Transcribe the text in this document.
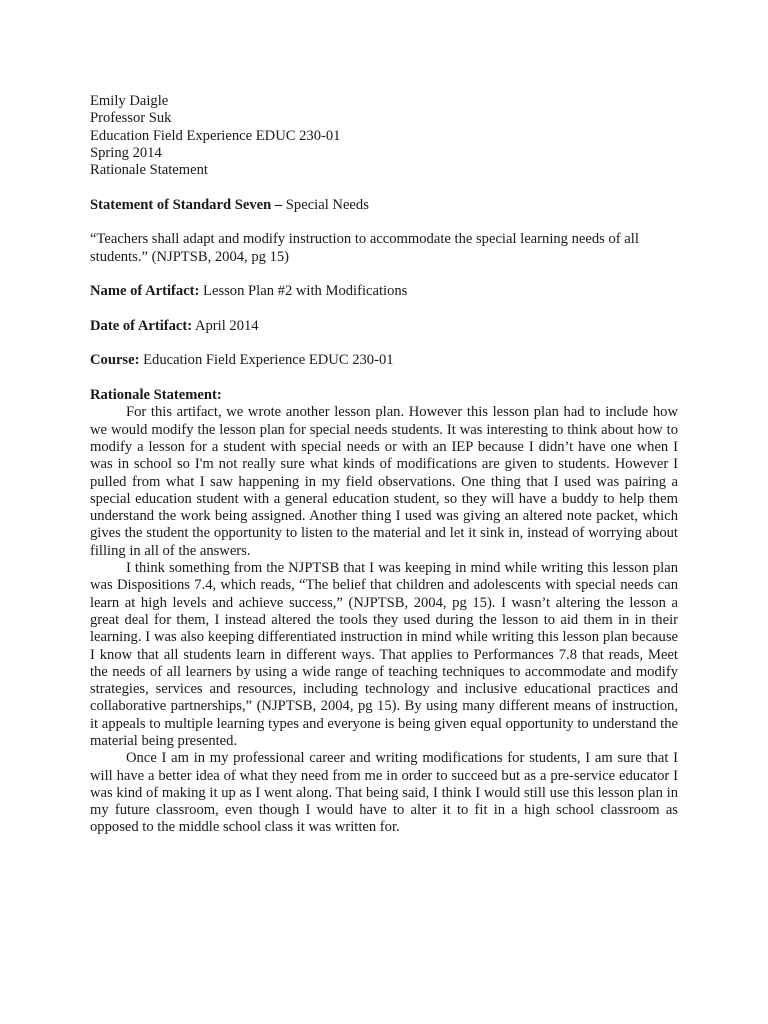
Emily Daigle

Professor Suk

Education Field Experience EDUC 230-01

Spring 2014

Rationale Statement

Statement of Standard Seven – Special Needs

“Teachers shall adapt and modify instruction to accommodate the special learning needs of all students.” (NJPTSB, 2004, pg 15)

Name of Artifact: Lesson Plan #2 with Modifications

Date of Artifact: April 2014

Course: Education Field Experience EDUC 230-01

Rationale Statement:

For this artifact, we wrote another lesson plan. However this lesson plan had to include how we would modify the lesson plan for special needs students. It was interesting to think about how to modify a lesson for a student with special needs or with an IEP because I didn’t have one when I was in school so I'm not really sure what kinds of modifications are given to students. However I pulled from what I saw happening in my field observations. One thing that I used was pairing a special education student with a general education student, so they will have a buddy to help them understand the work being assigned. Another thing I used was giving an altered note packet, which gives the student the opportunity to listen to the material and let it sink in, instead of worrying about filling in all of the answers.

I think something from the NJPTSB that I was keeping in mind while writing this lesson plan was Dispositions 7.4, which reads, “The belief that children and adolescents with special needs can learn at high levels and achieve success,” (NJPTSB, 2004, pg 15). I wasn’t altering the lesson a great deal for them, I instead altered the tools they used during the lesson to aid them in in their learning. I was also keeping differentiated instruction in mind while writing this lesson plan because I know that all students learn in different ways. That applies to Performances 7.8 that reads, Meet the needs of all learners by using a wide range of teaching techniques to accommodate and modify strategies, services and resources, including technology and inclusive educational practices and collaborative partnerships,” (NJPTSB, 2004, pg 15). By using many different means of instruction, it appeals to multiple learning types and everyone is being given equal opportunity to understand the material being presented.

Once I am in my professional career and writing modifications for students, I am sure that I will have a better idea of what they need from me in order to succeed but as a pre-service educator I was kind of making it up as I went along. That being said, I think I would still use this lesson plan in my future classroom, even though I would have to alter it to fit in a high school classroom as opposed to the middle school class it was written for.
